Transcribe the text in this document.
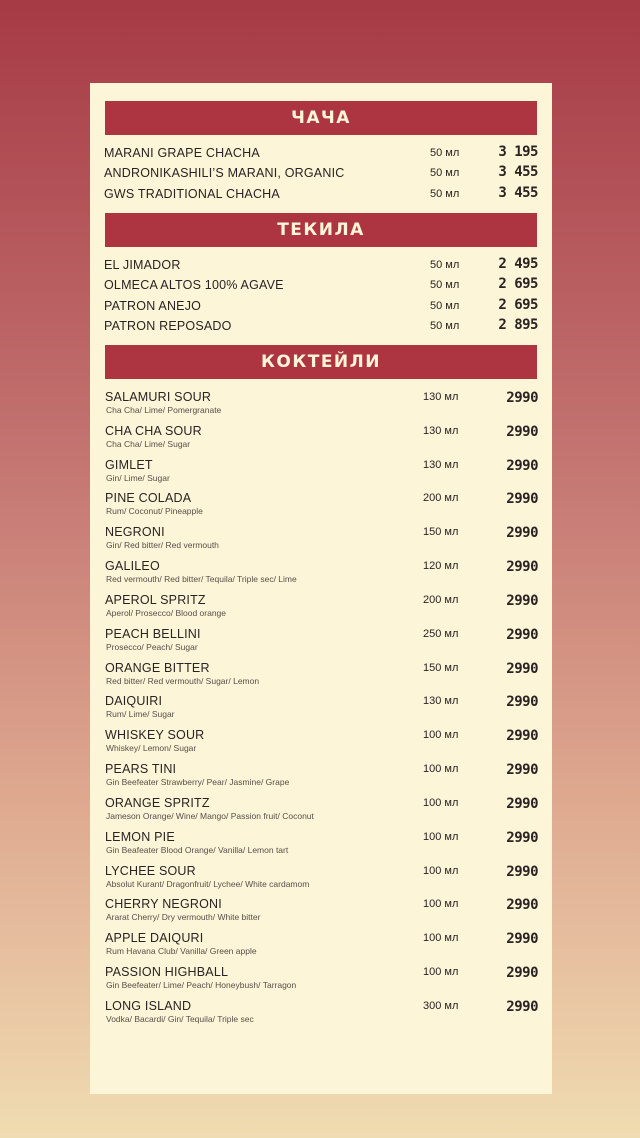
ЧАЧА
MARANI GRAPE CHACHA	50 мл	3 195
ANDRONIKASHILI’S MARANI, ORGANIC	50 мл	3 455
GWS TRADITIONAL CHACHA	50 мл	3 455
ТЕКИЛА
EL JIMADOR	50 мл	2 495
OLMECA ALTOS 100% AGAVE	50 мл	2 695
PATRON ANEJO	50 мл	2 695
PATRON REPOSADO	50 мл	2 895
КОКТЕЙЛИ
SALAMURI SOUR
Cha Cha/ Lime/ Pomergranate
130 мл	2990
CHA CHA SOUR
Cha Cha/ Lime/ Sugar
130 мл	2990
GIMLET
Gin/ Lime/ Sugar
130 мл	2990
PINE COLADA
Rum/ Coconut/ Pineapple
200 мл	2990
NEGRONI
Gin/ Red bitter/ Red vermouth
150 мл	2990
GALILEO
Red vermouth/ Red bitter/ Tequila/ Triple sec/ Lime
120 мл	2990
APEROL SPRITZ
Aperol/ Prosecco/ Blood orange
200 мл	2990
PEACH BELLINI
Prosecco/ Peach/ Sugar
250 мл	2990
ORANGE BITTER
Red bitter/ Red vermouth/ Sugar/ Lemon
150 мл	2990
DAIQUIRI
Rum/ Lime/ Sugar
130 мл	2990
WHISKEY SOUR
Whiskey/ Lemon/ Sugar
100 мл	2990
PEARS TINI
Gin Beefeater Strawberry/ Pear/ Jasmine/ Grape
100 мл	2990
ORANGE SPRITZ
Jameson Orange/ Wine/ Mango/ Passion fruit/ Coconut
100 мл	2990
LEMON PIE
Gin Beafeater Blood Orange/ Vanilla/ Lemon tart
100 мл	2990
LYCHEE SOUR
Absolut Kurant/ Dragonfruit/ Lychee/ White cardamom
100 мл	2990
CHERRY NEGRONI
Ararat Cherry/ Dry vermouth/ White bitter
100 мл	2990
APPLE DAIQURI
Rum Havana Club/ Vanilla/ Green apple
100 мл	2990
PASSION HIGHBALL
Gin Beefeater/ Lime/ Peach/ Honeybush/ Tarragon
100 мл	2990
LONG ISLAND
Vodka/ Bacardi/ Gin/ Tequila/ Triple sec
300 мл	2990
